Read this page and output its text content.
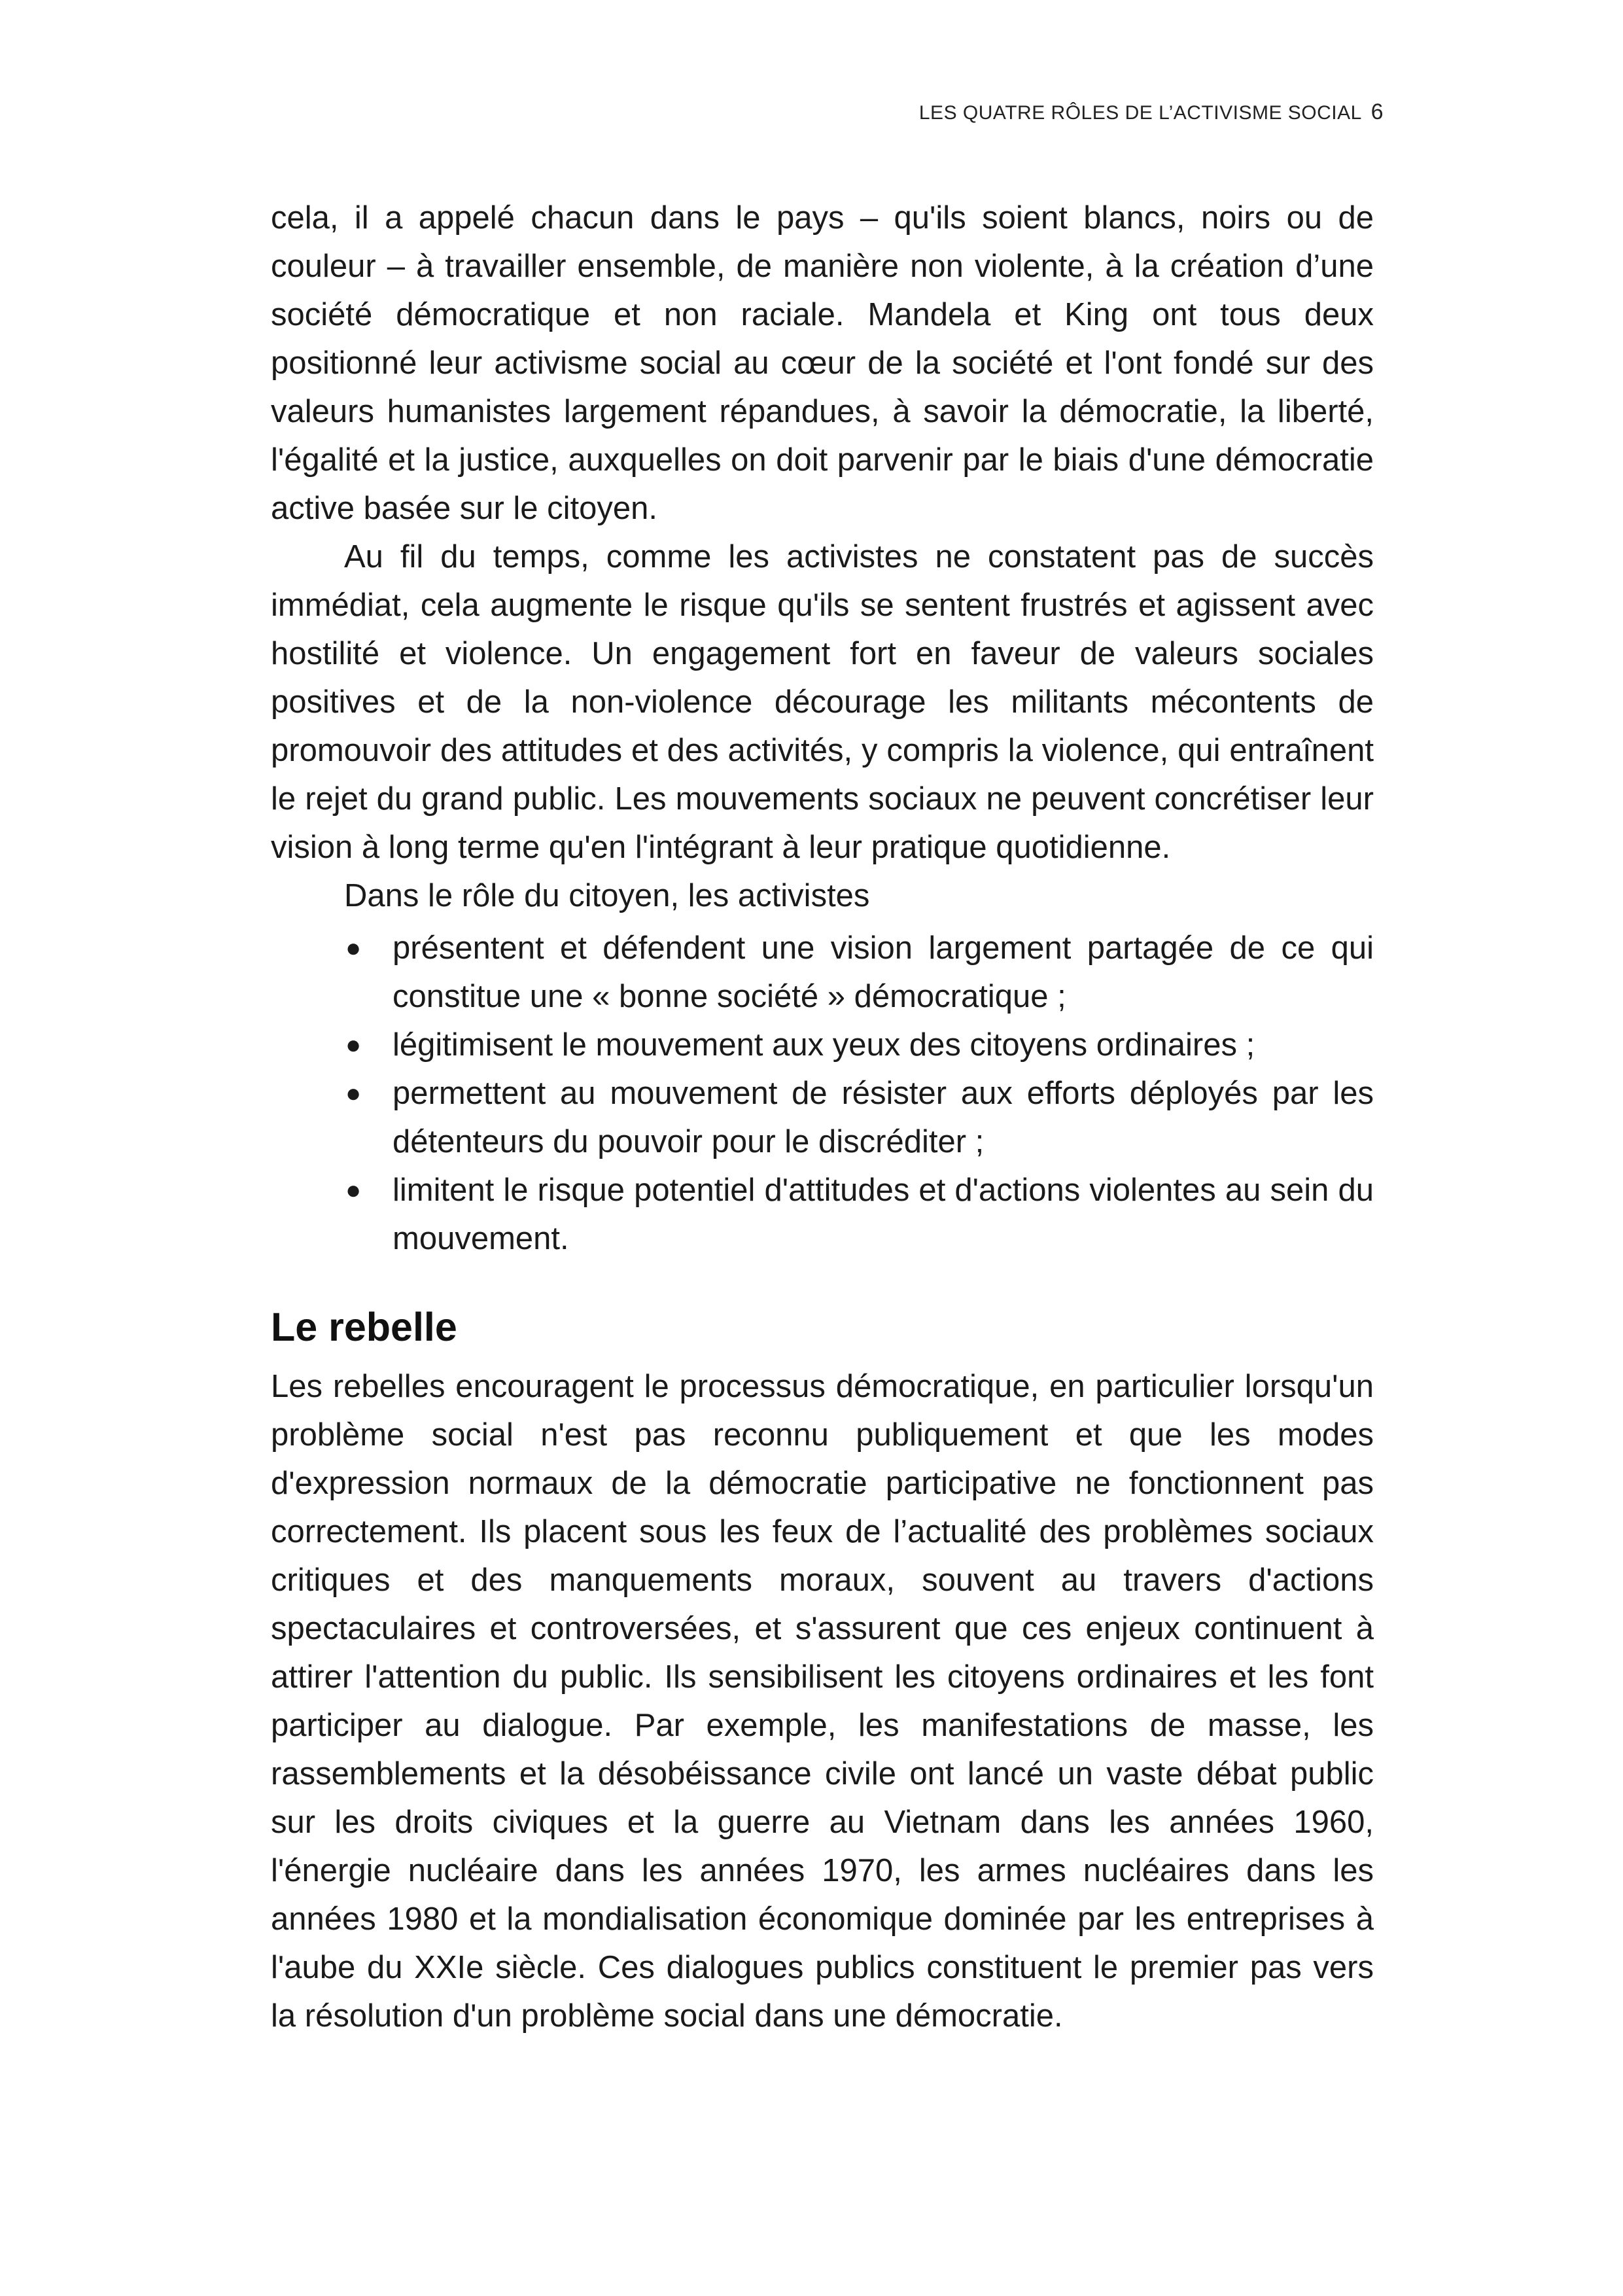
LES QUATRE RÔLES DE L’ACTIVISME SOCIAL 6

cela, il a appelé chacun dans le pays – qu'ils soient blancs, noirs ou de couleur – à travailler ensemble, de manière non violente, à la création d’une société démocratique et non raciale. Mandela et King ont tous deux positionné leur activisme social au cœur de la société et l'ont fondé sur des valeurs humanistes largement répandues, à savoir la démocratie, la liberté, l'égalité et la justice, auxquelles on doit parvenir par le biais d'une démocratie active basée sur le citoyen.

Au fil du temps, comme les activistes ne constatent pas de succès immédiat, cela augmente le risque qu'ils se sentent frustrés et agissent avec hostilité et violence. Un engagement fort en faveur de valeurs sociales positives et de la non-violence décourage les militants mécontents de promouvoir des attitudes et des activités, y compris la violence, qui entraînent le rejet du grand public. Les mouvements sociaux ne peuvent concrétiser leur vision à long terme qu'en l'intégrant à leur pratique quotidienne.

Dans le rôle du citoyen, les activistes

● présentent et défendent une vision largement partagée de ce qui constitue une « bonne société » démocratique ;
● légitimisent le mouvement aux yeux des citoyens ordinaires ;
● permettent au mouvement de résister aux efforts déployés par les détenteurs du pouvoir pour le discréditer ;
● limitent le risque potentiel d'attitudes et d'actions violentes au sein du mouvement.
Le rebelle

Les rebelles encouragent le processus démocratique, en particulier lorsqu'un problème social n'est pas reconnu publiquement et que les modes d'expression normaux de la démocratie participative ne fonctionnent pas correctement. Ils placent sous les feux de l’actualité des problèmes sociaux critiques et des manquements moraux, souvent au travers d'actions spectaculaires et controversées, et s'assurent que ces enjeux continuent à attirer l'attention du public. Ils sensibilisent les citoyens ordinaires et les font participer au dialogue. Par exemple, les manifestations de masse, les rassemblements et la désobéissance civile ont lancé un vaste débat public sur les droits civiques et la guerre au Vietnam dans les années 1960, l'énergie nucléaire dans les années 1970, les armes nucléaires dans les années 1980 et la mondialisation économique dominée par les entreprises à l'aube du XXIe siècle. Ces dialogues publics constituent le premier pas vers la résolution d'un problème social dans une démocratie.
